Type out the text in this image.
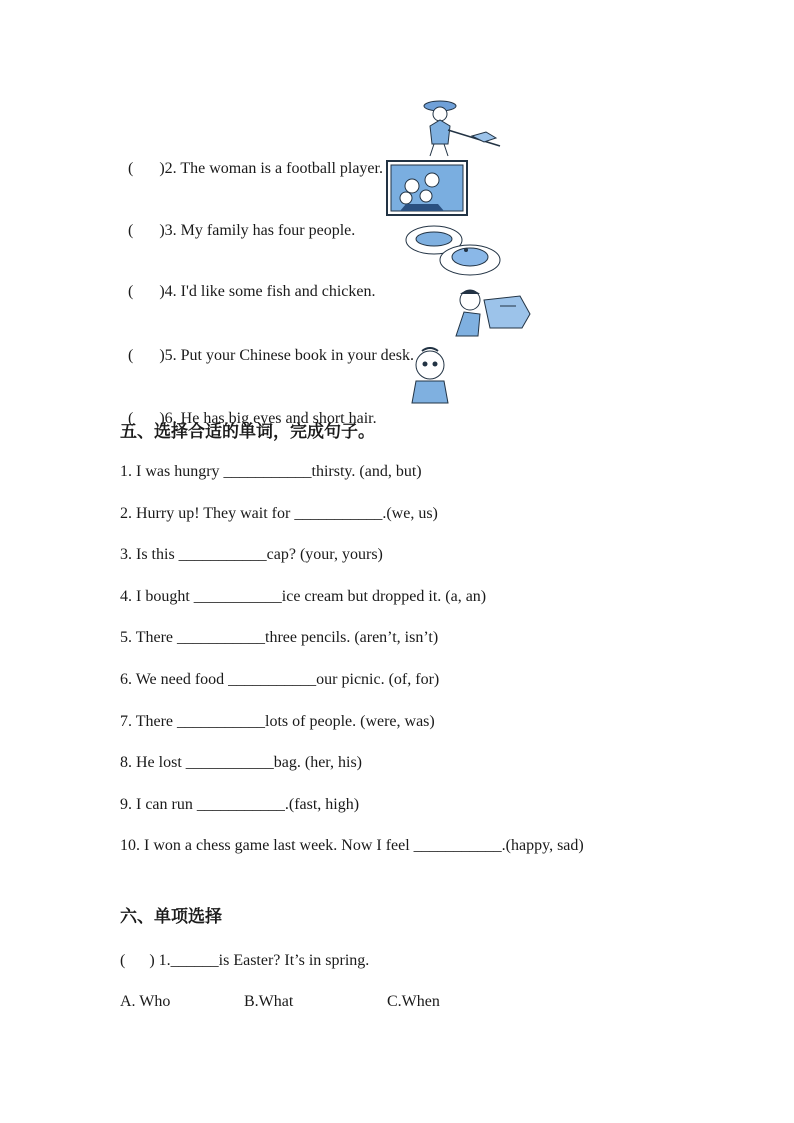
( )2. The woman is a football player.

( )3. My family has four people.

( )4. I'd like some fish and chicken.

( )5. Put your Chinese book in your desk.

( )6. He has big eyes and short hair.

五、选择合适的单词，完成句子。
1. I was hungry ___________thirsty. (and, but)
2. Hurry up! They wait for ___________.(we, us)
3. Is this ___________cap? (your, yours)
4. I bought ___________ice cream but dropped it. (a, an)
5. There ___________three pencils. (aren’t, isn’t)
6. We need food ___________our picnic. (of, for)
7. There ___________lots of people. (were, was)
8. He lost ___________bag. (her, his)
9. I can run ___________.(fast, high)
10. I won a chess game last week. Now I feel ___________.(happy, sad)
六、单项选择
(      ) 1.______is Easter? It’s in spring.
A. Who	B.What	C.When
